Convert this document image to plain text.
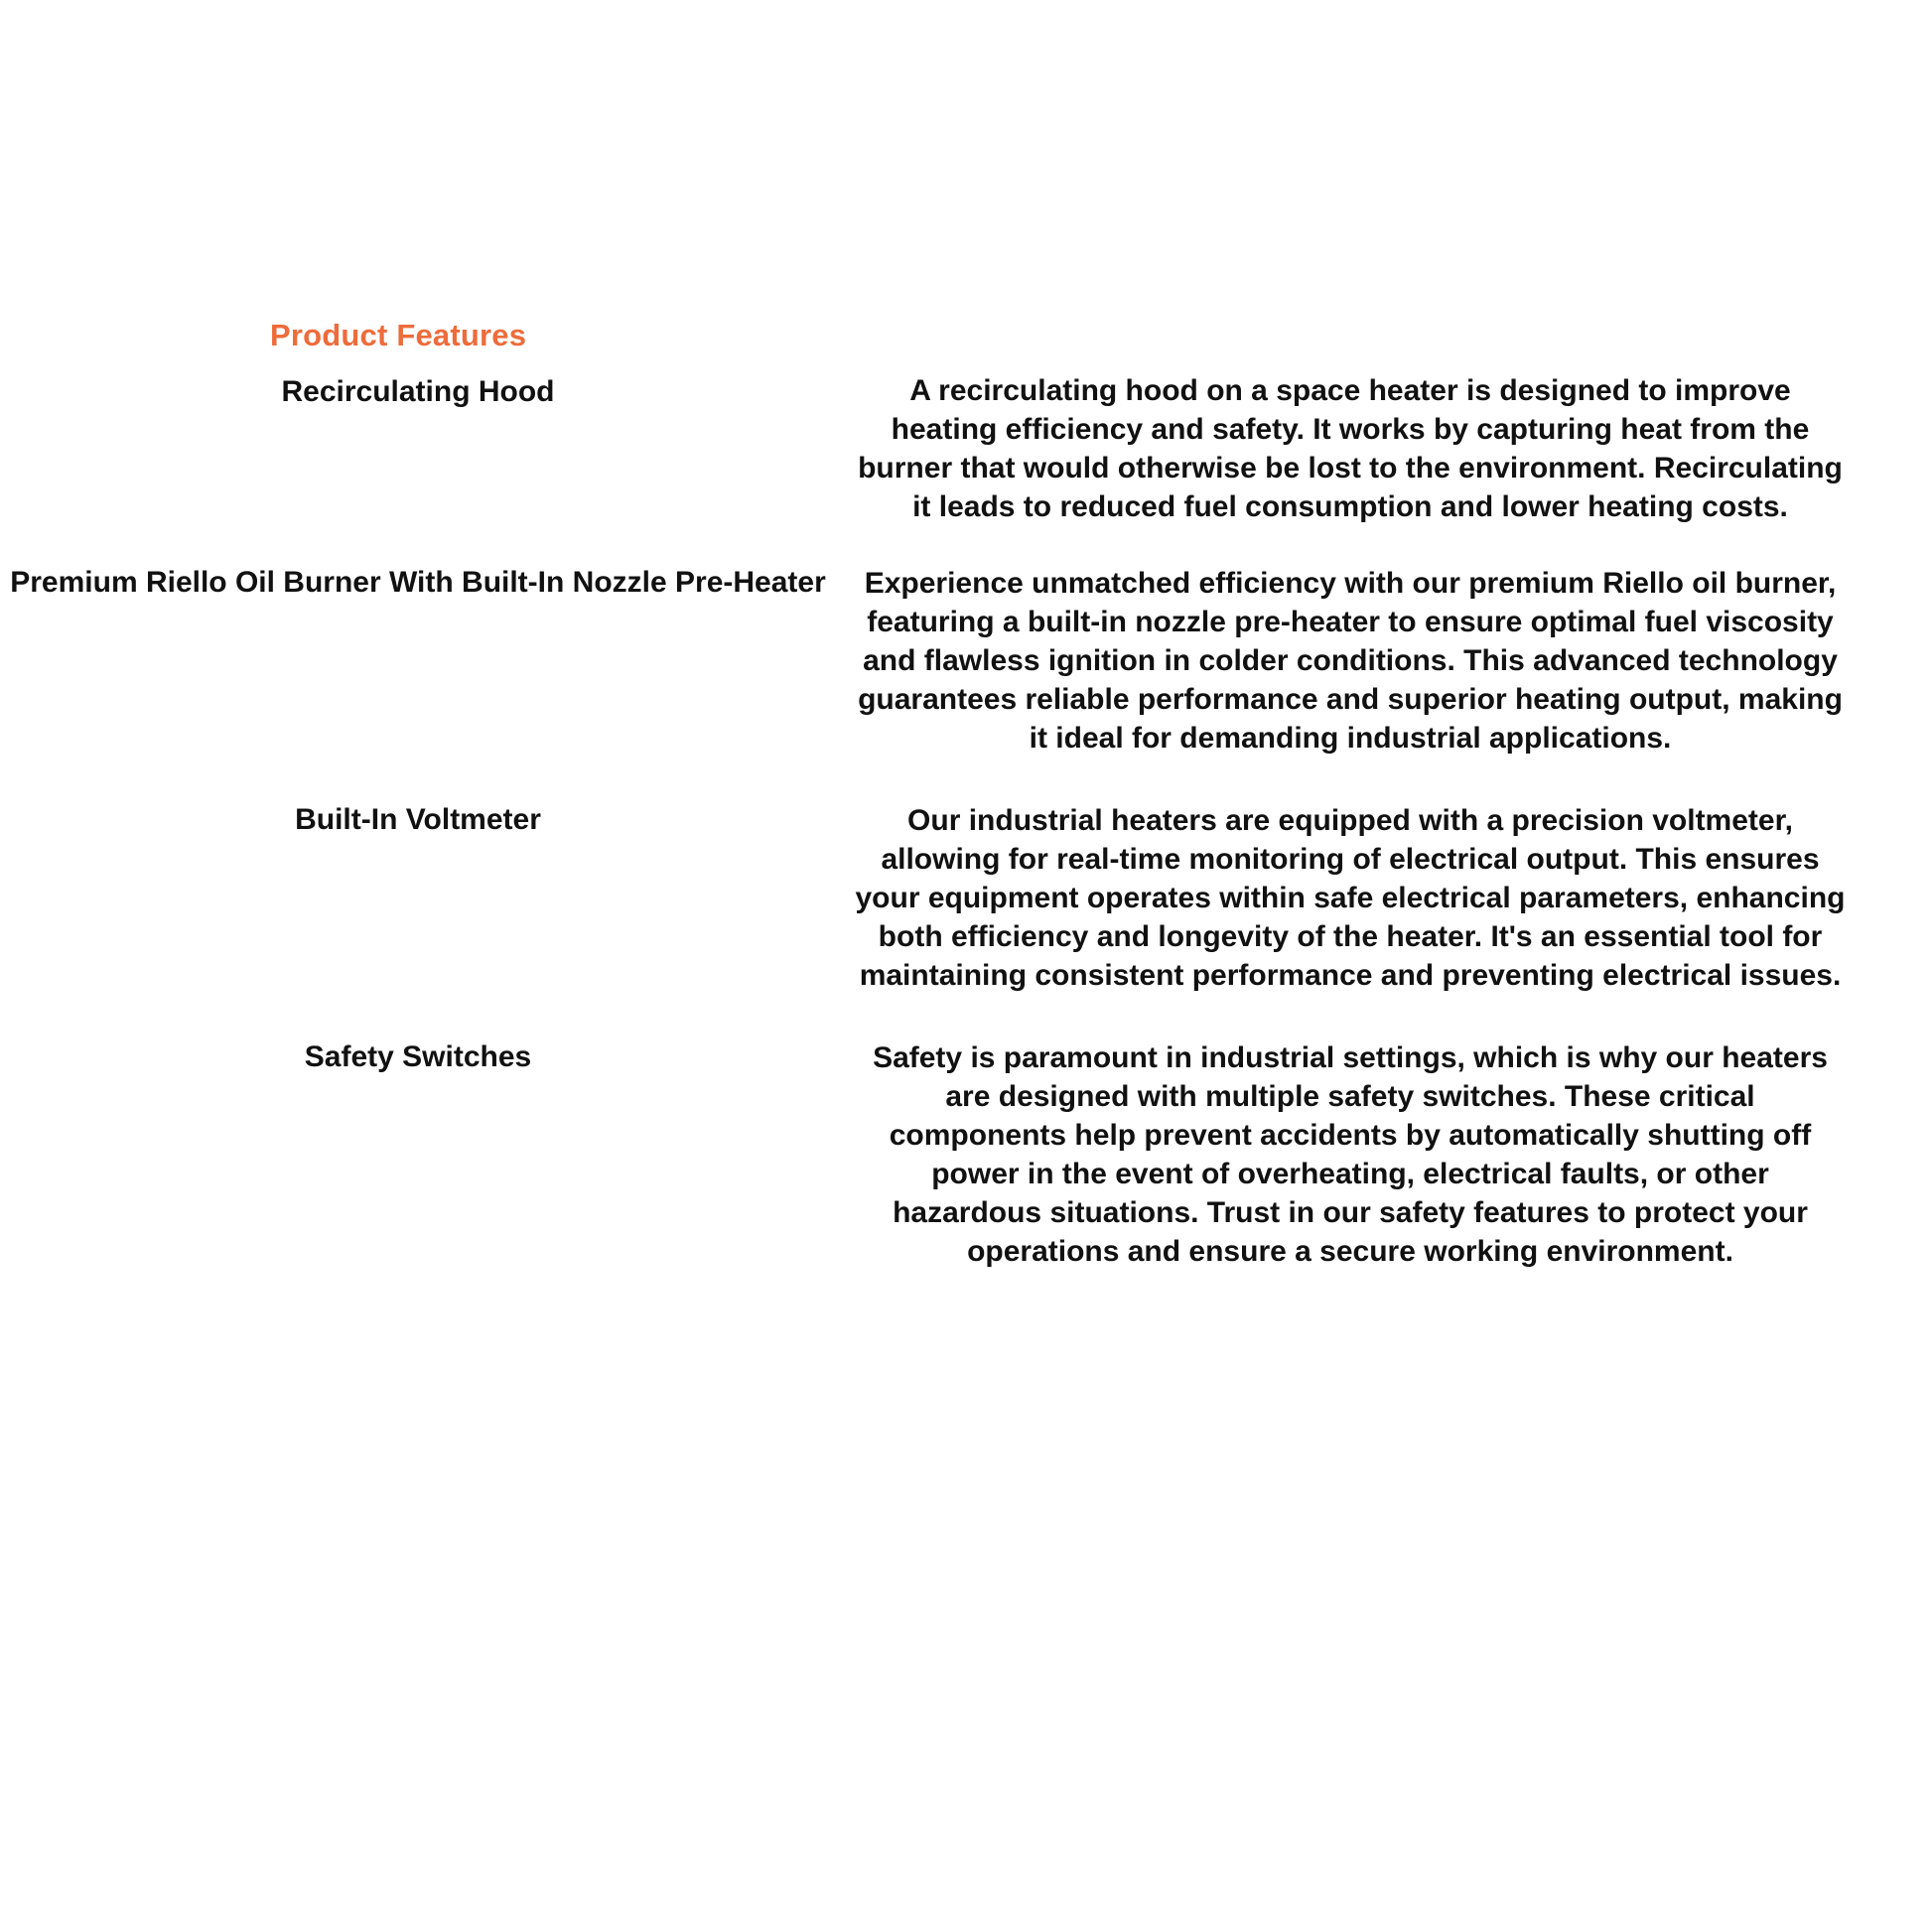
Product Features
Recirculating Hood	A recirculating hood on a space heater is designed to improve heating efficiency and safety. It works by capturing heat from the burner that would otherwise be lost to the environment. Recirculating it leads to reduced fuel consumption and lower heating costs.
Premium Riello Oil Burner With Built-In Nozzle Pre-Heater	Experience unmatched efficiency with our premium Riello oil burner, featuring a built-in nozzle pre-heater to ensure optimal fuel viscosity and flawless ignition in colder conditions. This advanced technology guarantees reliable performance and superior heating output, making it ideal for demanding industrial applications.
Built-In Voltmeter	Our industrial heaters are equipped with a precision voltmeter, allowing for real-time monitoring of electrical output. This ensures your equipment operates within safe electrical parameters, enhancing both efficiency and longevity of the heater. It's an essential tool for maintaining consistent performance and preventing electrical issues.
Safety Switches	Safety is paramount in industrial settings, which is why our heaters are designed with multiple safety switches. These critical components help prevent accidents by automatically shutting off power in the event of overheating, electrical faults, or other hazardous situations. Trust in our safety features to protect your operations and ensure a secure working environment.
